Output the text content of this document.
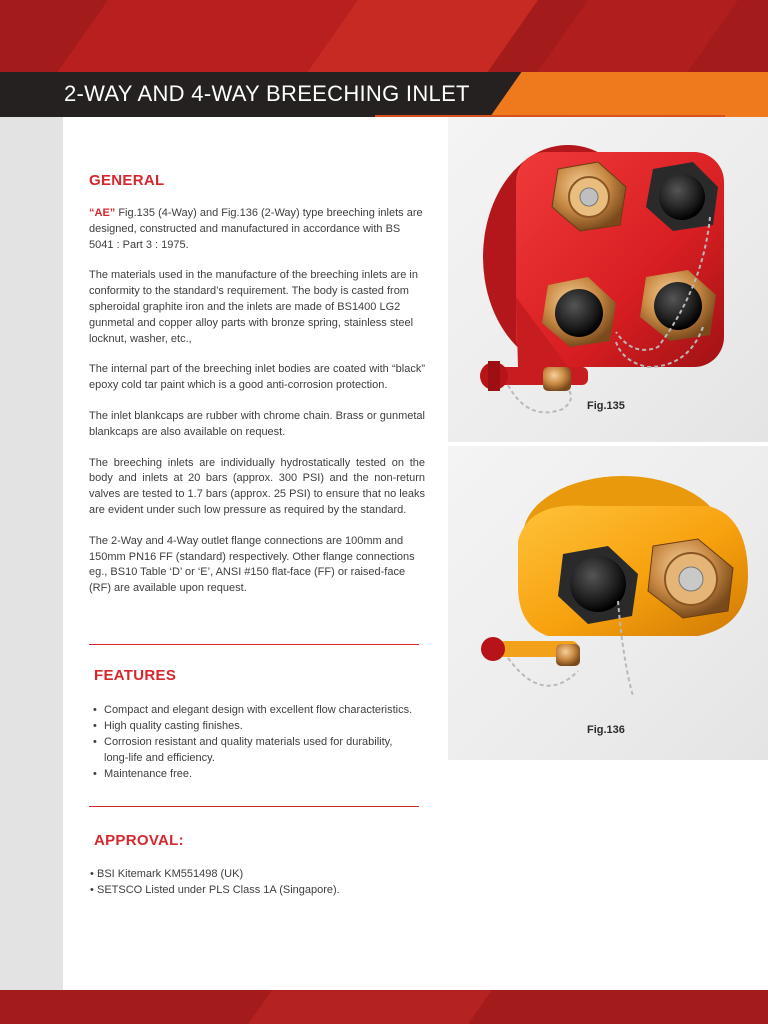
2-WAY AND 4-WAY BREECHING INLET
GENERAL

“AE” Fig.135 (4-Way) and Fig.136 (2-Way) type breeching inlets are designed, constructed and manufactured in accordance with BS 5041 : Part 3 : 1975.

The materials used in the manufacture of the breeching inlets are in conformity to the standard’s requirement. The body is casted from spheroidal graphite iron and the inlets are made of BS1400 LG2 gunmetal and copper alloy parts with bronze spring, stainless steel locknut, washer, etc.,

The internal part of the breeching inlet bodies are coated with “black” epoxy cold tar paint which is a good anti-corrosion protection.

The inlet blankcaps are rubber with chrome chain. Brass or gunmetal blankcaps are also available on request.

The breeching inlets are individually hydrostatically tested on the body and inlets at 20 bars (approx. 300 PSI) and the non-return valves are tested to 1.7 bars (approx. 25 PSI) to ensure that no leaks are evident under such low pressure as required by the standard.

The 2-Way and 4-Way outlet flange connections are 100mm and 150mm PN16 FF (standard) respectively. Other flange connections eg., BS10 Table ‘D’ or ‘E’, ANSI #150 flat-face (FF) or raised-face (RF) are available upon request.

FEATURES
• Compact and elegant design with excellent flow characteristics.
• High quality casting finishes.
• Corrosion resistant and quality materials used for durability, long-life and efficiency.
• Maintenance free.
APPROVAL:
• BSI Kitemark KM551498 (UK)
• SETSCO Listed under PLS Class 1A (Singapore).
Fig.135
Fig.136
